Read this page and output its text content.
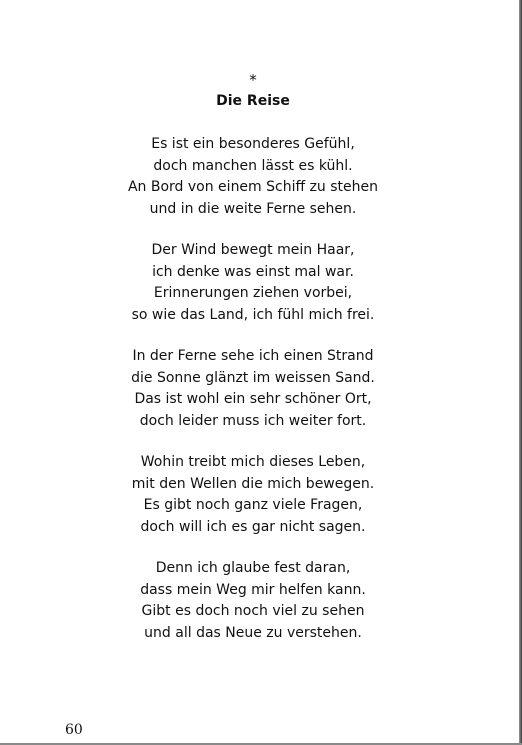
*
Die Reise
Es ist ein besonderes Gefühl,
doch manchen lässt es kühl.
An Bord von einem Schiff zu stehen
und in die weite Ferne sehen.
Der Wind bewegt mein Haar,
ich denke was einst mal war.
Erinnerungen ziehen vorbei,
so wie das Land, ich fühl mich frei.
In der Ferne sehe ich einen Strand
die Sonne glänzt im weissen Sand.
Das ist wohl ein sehr schöner Ort,
doch leider muss ich weiter fort.
Wohin treibt mich dieses Leben,
mit den Wellen die mich bewegen.
Es gibt noch ganz viele Fragen,
doch will ich es gar nicht sagen.
Denn ich glaube fest daran,
dass mein Weg mir helfen kann.
Gibt es doch noch viel zu sehen
und all das Neue zu verstehen.
60
